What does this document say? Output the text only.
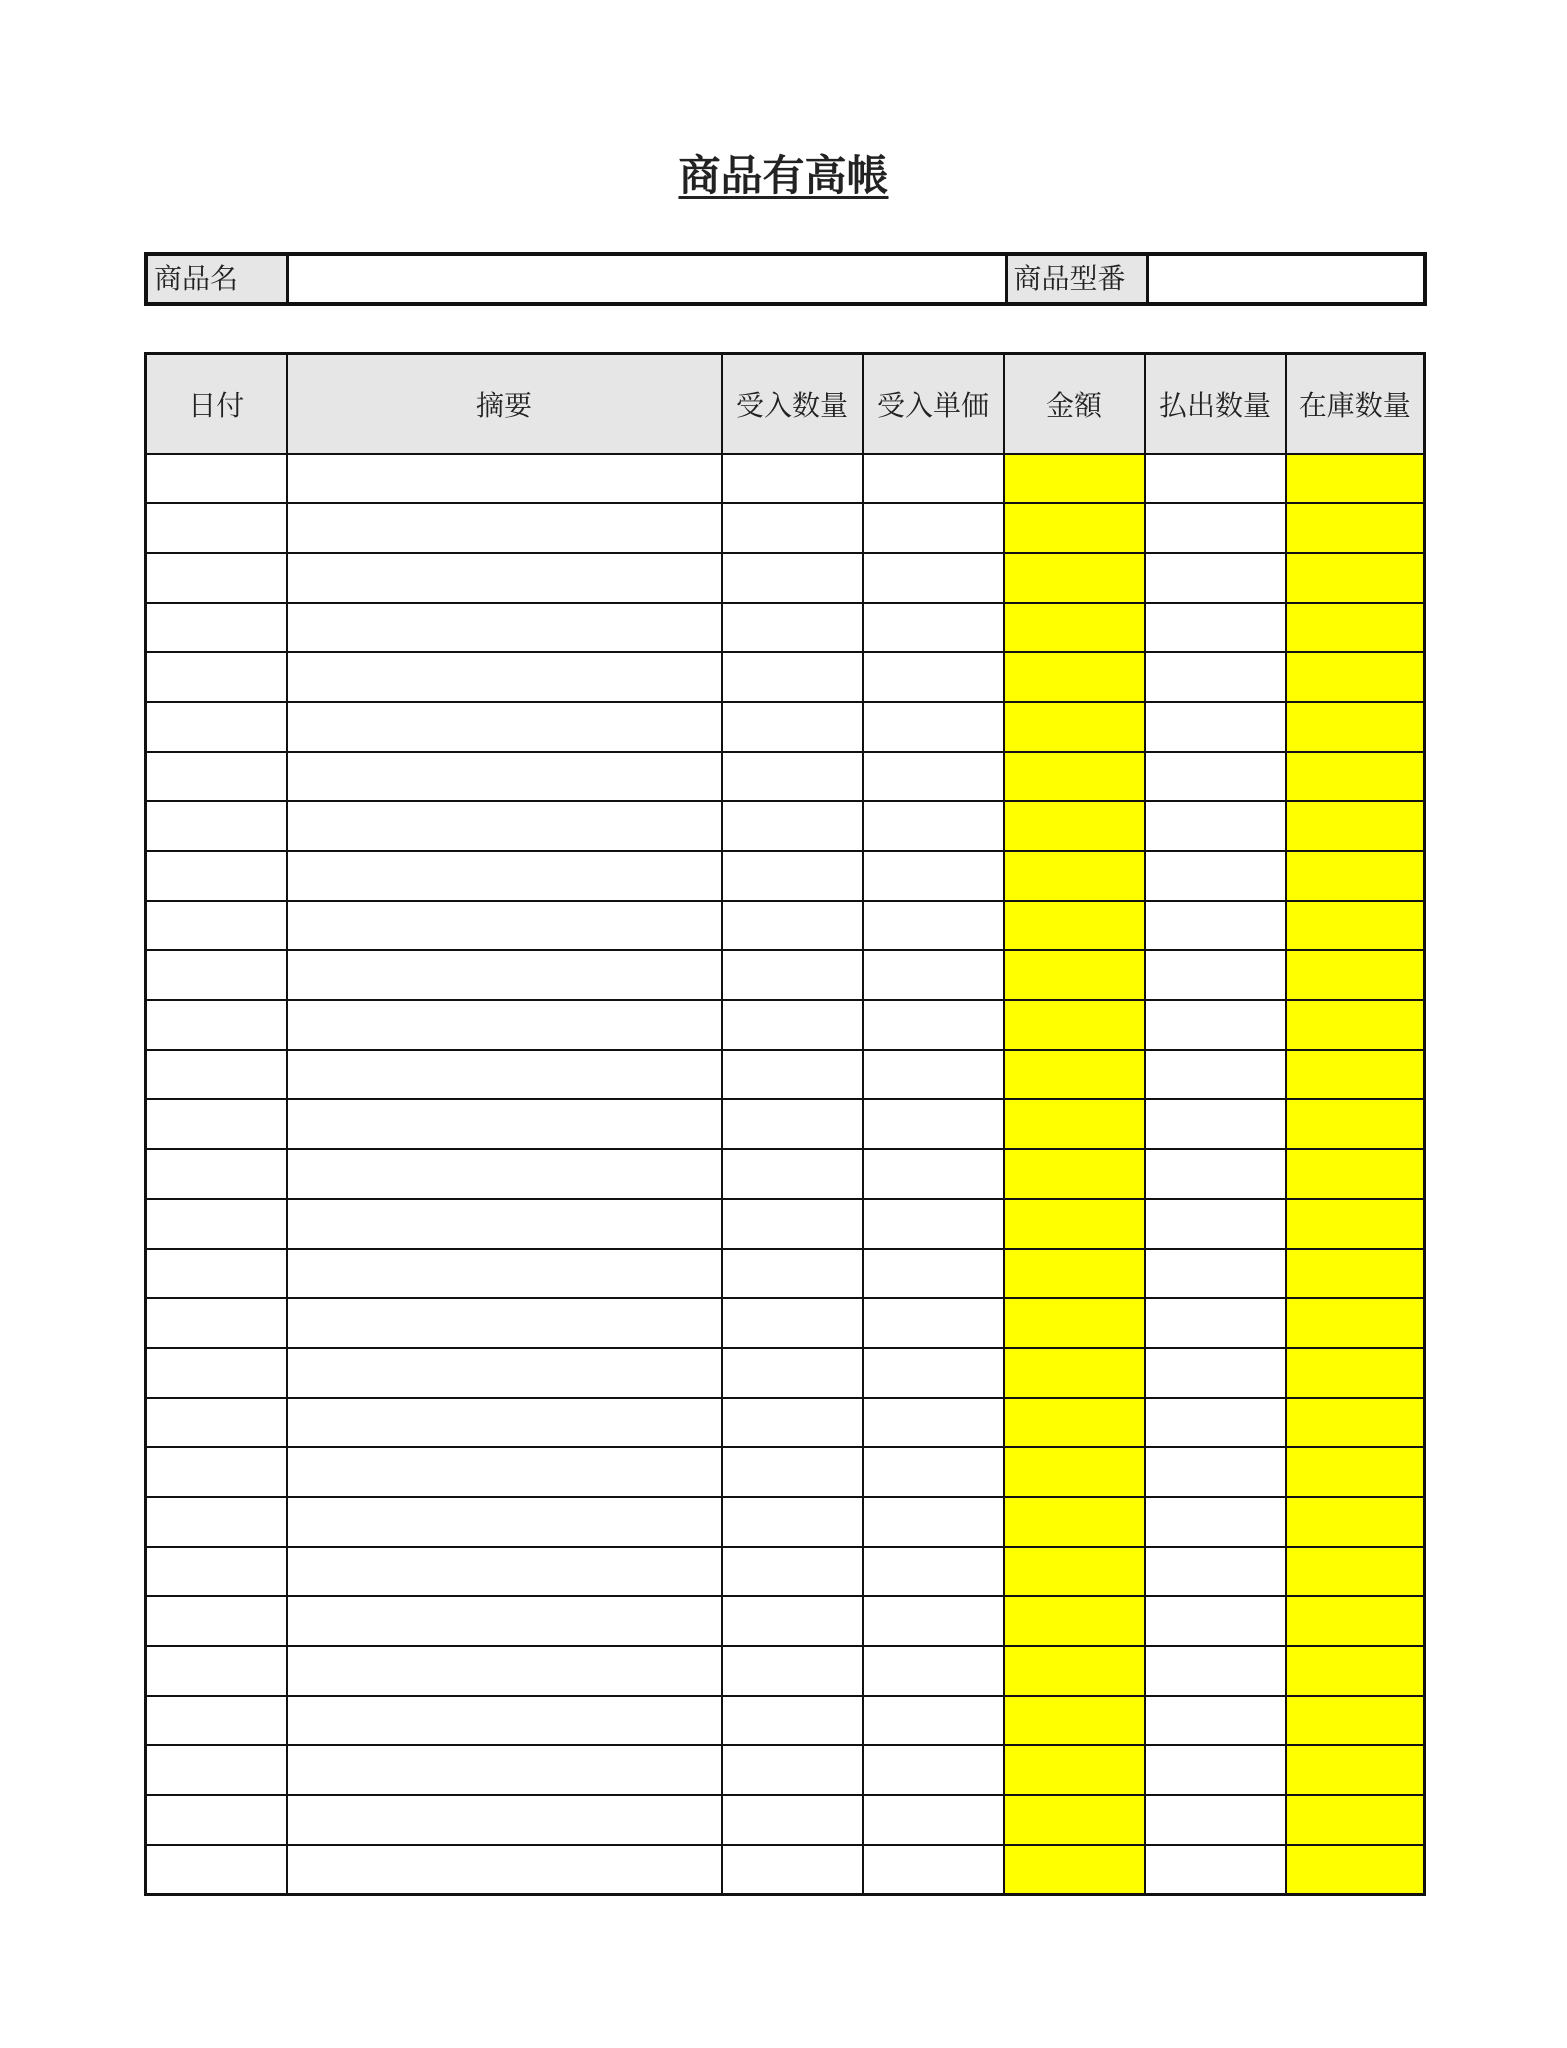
商品有高帳
商品名		商品型番	
日付	摘要	受入数量	受入単価	金額	払出数量	在庫数量
